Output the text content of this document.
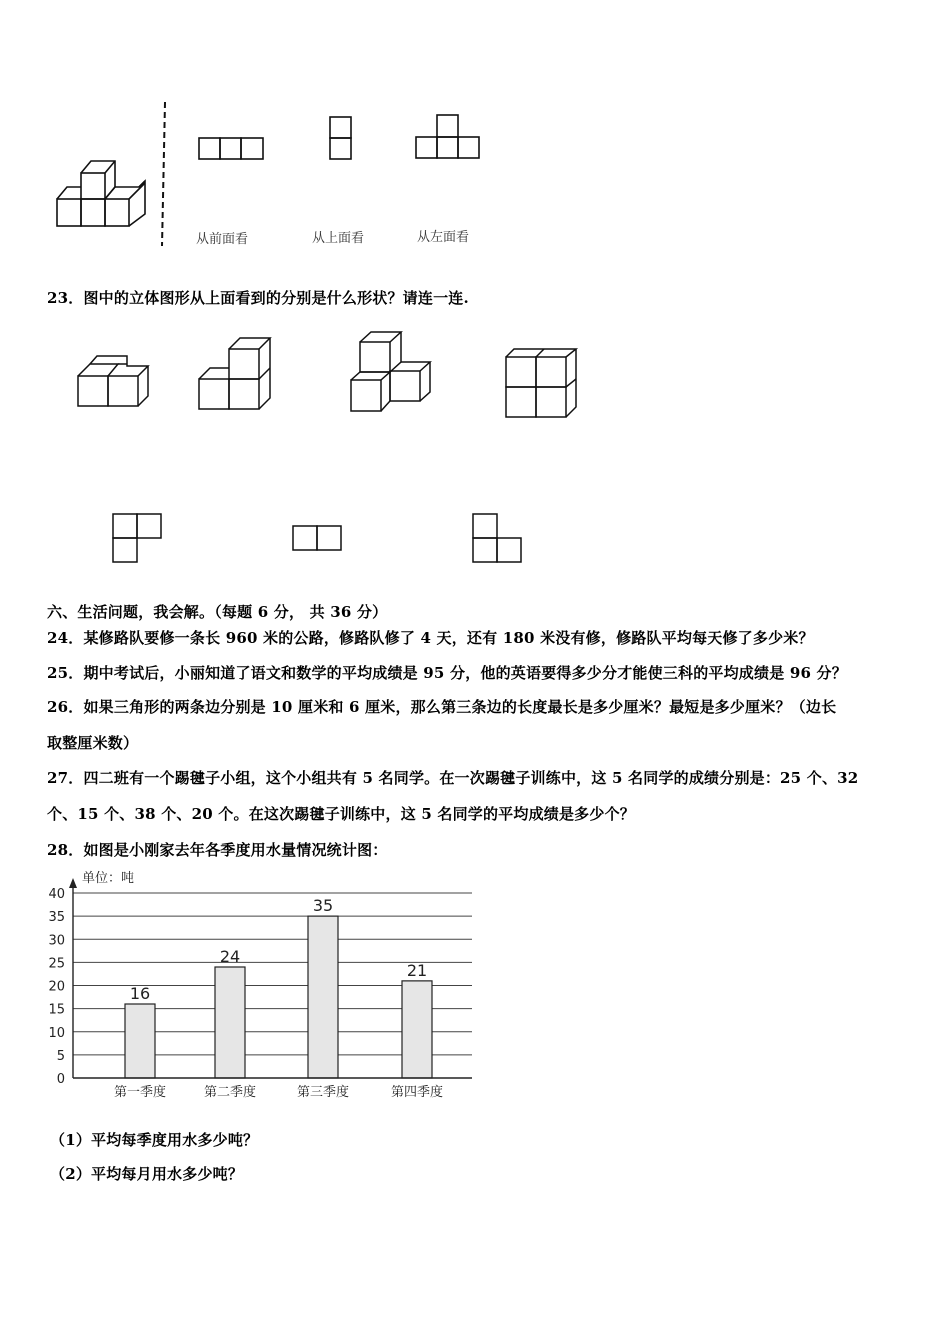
从前面看	从上面看	从左面看
23．图中的立体图形从上面看到的分别是什么形状？请连一连.
六、生活问题，我会解。（每题 6 分， 共 36 分）
24．某修路队要修一条长 960 米的公路，修路队修了 4 天，还有 180 米没有修，修路队平均每天修了多少米？
25．期中考试后，小丽知道了语文和数学的平均成绩是 95 分，他的英语要得多少分才能使三科的平均成绩是 96 分？
26．如果三角形的两条边分别是 10 厘米和 6 厘米，那么第三条边的长度最长是多少厘米？最短是多少厘米？（边长
取整厘米数）
27．四二班有一个踢毽子小组，这个小组共有 5 名同学。在一次踢毽子训练中，这 5 名同学的成绩分别是：25 个、32
个、15 个、38 个、20 个。在这次踢毽子训练中，这 5 名同学的平均成绩是多少个？
28．如图是小刚家去年各季度用水量情况统计图：
单位：吨
0
5
10
15
20
25
30
35
40
16
24
35
21
第一季度	第二季度	第三季度	第四季度
（1）平均每季度用水多少吨？
（2）平均每月用水多少吨？
